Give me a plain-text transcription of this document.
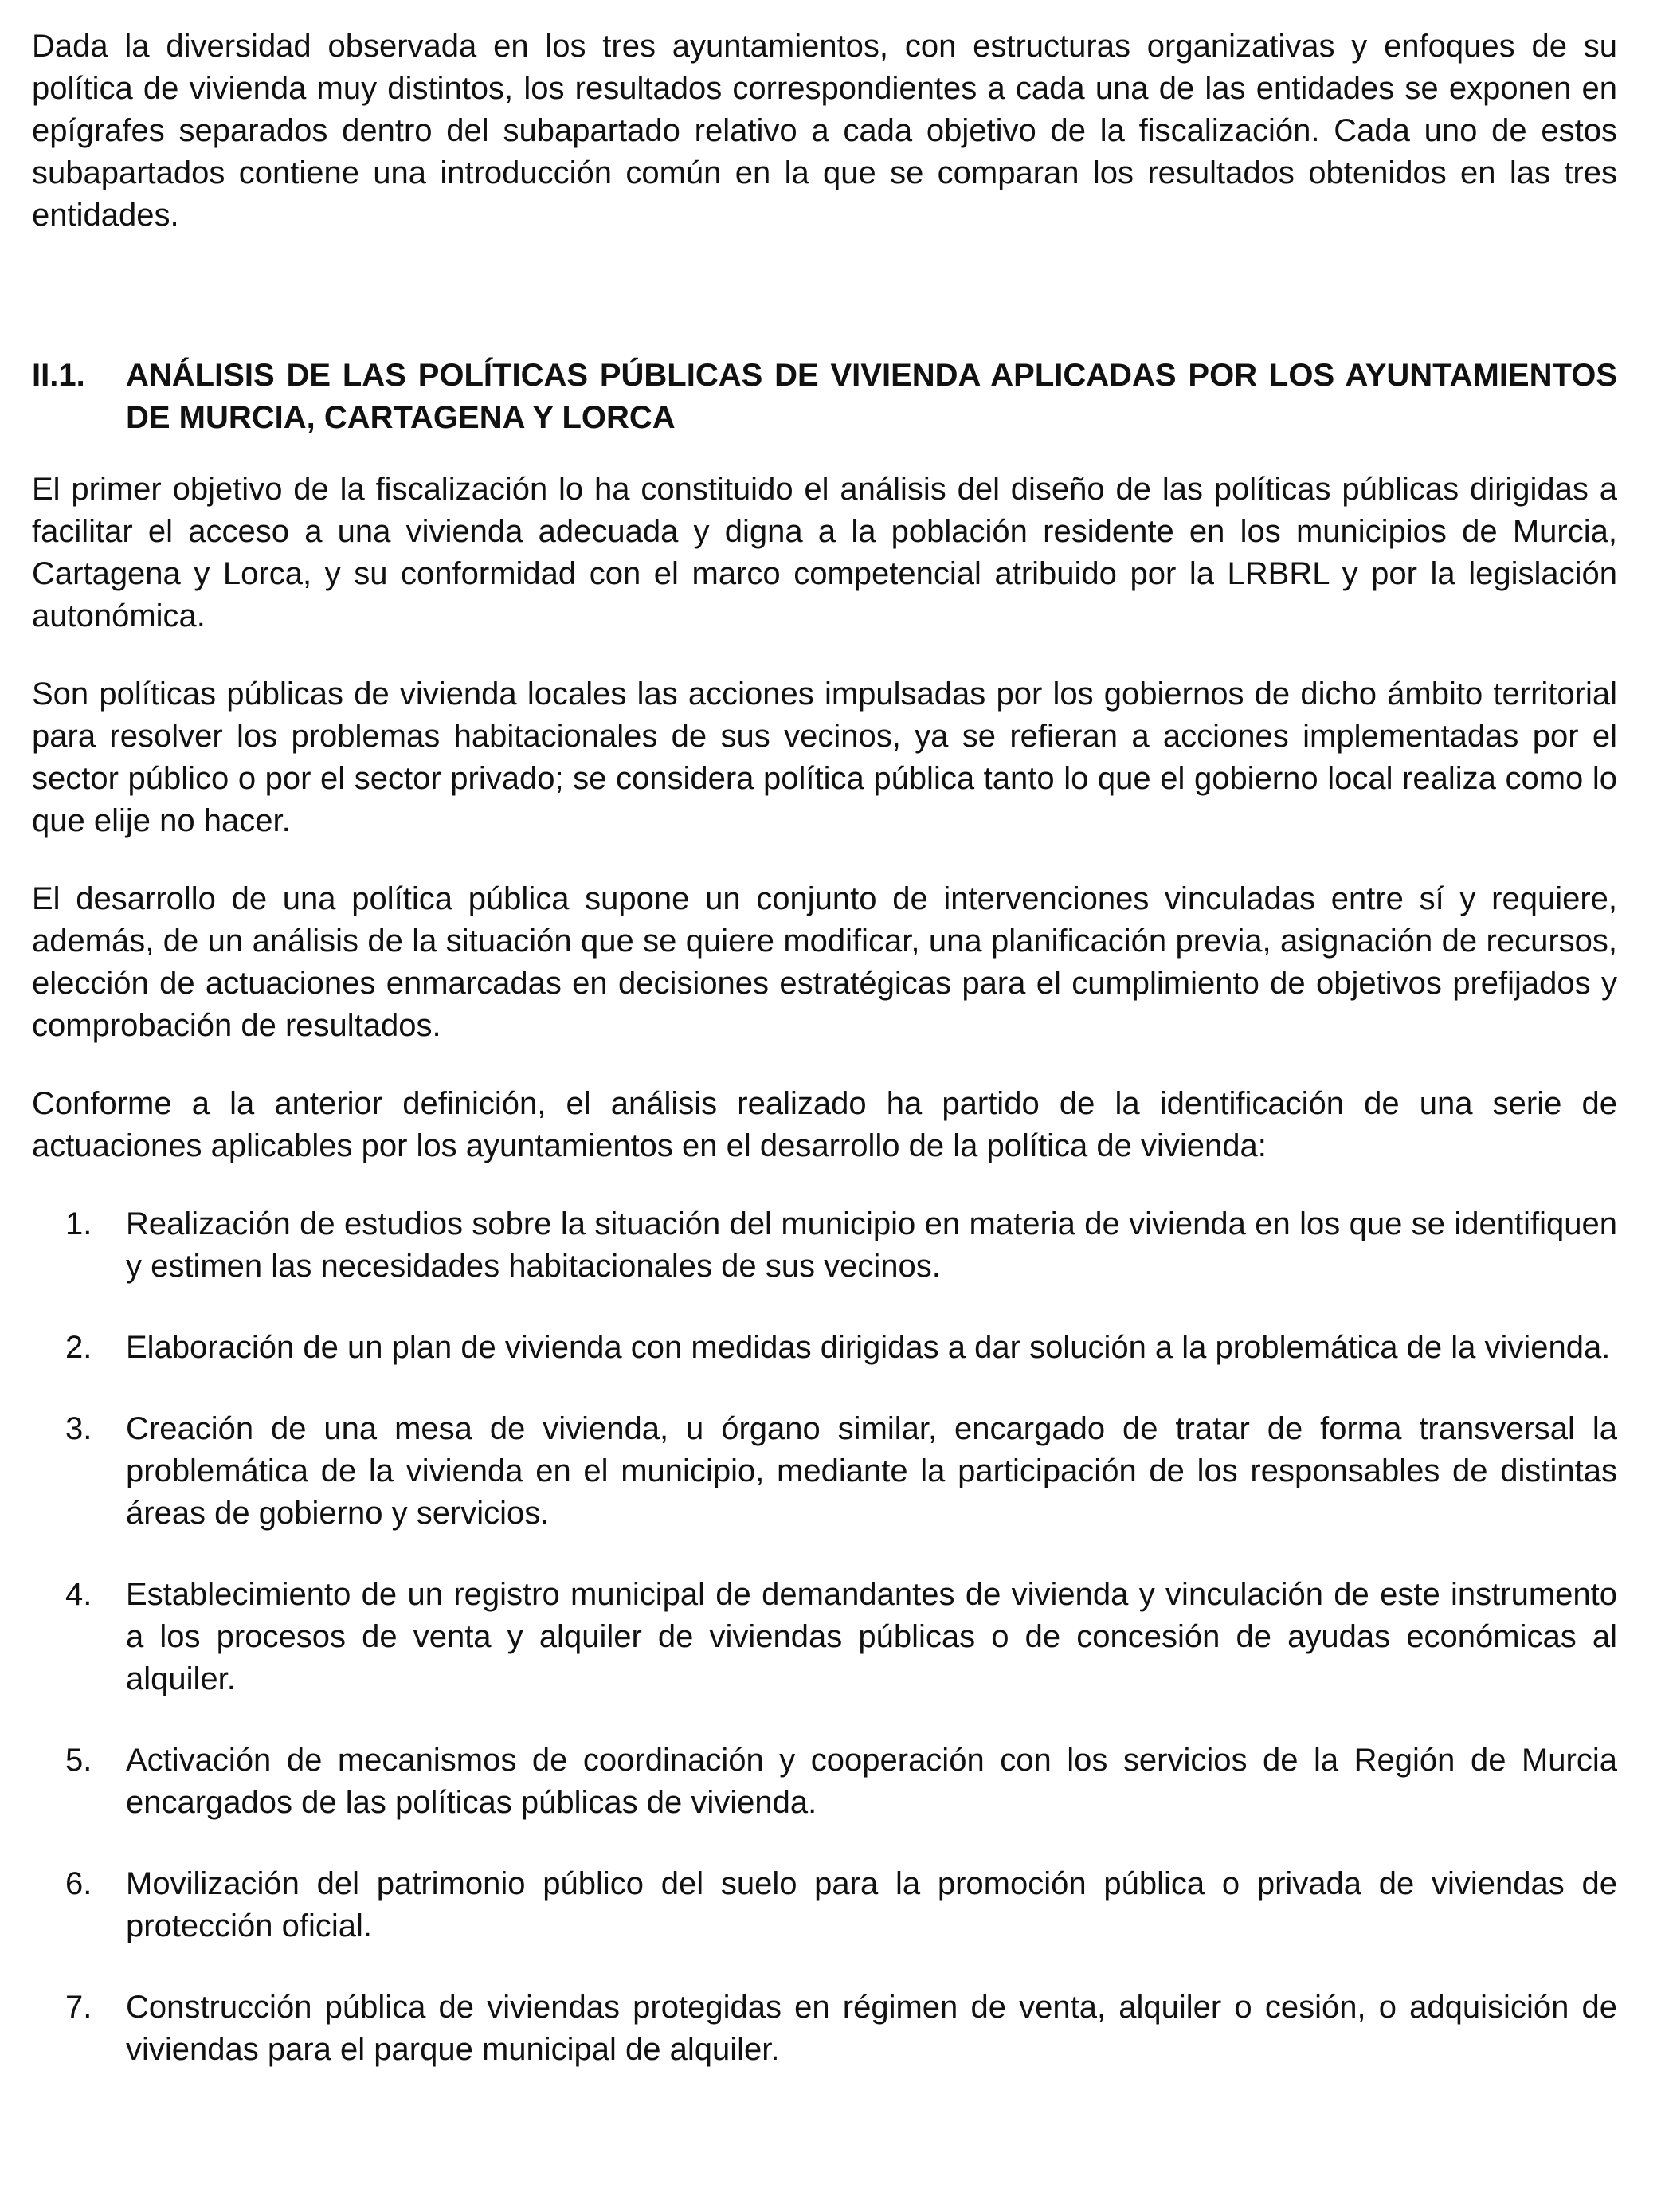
Dada la diversidad observada en los tres ayuntamientos, con estructuras organizativas y enfoques de su política de vivienda muy distintos, los resultados correspondientes a cada una de las entidades se exponen en epígrafes separados dentro del subapartado relativo a cada objetivo de la fiscalización. Cada uno de estos subapartados contiene una introducción común en la que se comparan los resultados obtenidos en las tres entidades.

II.1.	ANÁLISIS DE LAS POLÍTICAS PÚBLICAS DE VIVIENDA APLICADAS POR LOS AYUNTAMIENTOS DE MURCIA, CARTAGENA Y LORCA

El primer objetivo de la fiscalización lo ha constituido el análisis del diseño de las políticas públicas dirigidas a facilitar el acceso a una vivienda adecuada y digna a la población residente en los municipios de Murcia, Cartagena y Lorca, y su conformidad con el marco competencial atribuido por la LRBRL y por la legislación autonómica.

Son políticas públicas de vivienda locales las acciones impulsadas por los gobiernos de dicho ámbito territorial para resolver los problemas habitacionales de sus vecinos, ya se refieran a acciones implementadas por el sector público o por el sector privado; se considera política pública tanto lo que el gobierno local realiza como lo que elije no hacer.

El desarrollo de una política pública supone un conjunto de intervenciones vinculadas entre sí y requiere, además, de un análisis de la situación que se quiere modificar, una planificación previa, asignación de recursos, elección de actuaciones enmarcadas en decisiones estratégicas para el cumplimiento de objetivos prefijados y comprobación de resultados.

Conforme a la anterior definición, el análisis realizado ha partido de la identificación de una serie de actuaciones aplicables por los ayuntamientos en el desarrollo de la política de vivienda:

1.	Realización de estudios sobre la situación del municipio en materia de vivienda en los que se identifiquen y estimen las necesidades habitacionales de sus vecinos.
2.	Elaboración de un plan de vivienda con medidas dirigidas a dar solución a la problemática de la vivienda.
3.	Creación de una mesa de vivienda, u órgano similar, encargado de tratar de forma transversal la problemática de la vivienda en el municipio, mediante la participación de los responsables de distintas áreas de gobierno y servicios.
4.	Establecimiento de un registro municipal de demandantes de vivienda y vinculación de este instrumento a los procesos de venta y alquiler de viviendas públicas o de concesión de ayudas económicas al alquiler.
5.	Activación de mecanismos de coordinación y cooperación con los servicios de la Región de Murcia encargados de las políticas públicas de vivienda.
6.	Movilización del patrimonio público del suelo para la promoción pública o privada de viviendas de protección oficial.
7.	Construcción pública de viviendas protegidas en régimen de venta, alquiler o cesión, o adquisición de viviendas para el parque municipal de alquiler.
